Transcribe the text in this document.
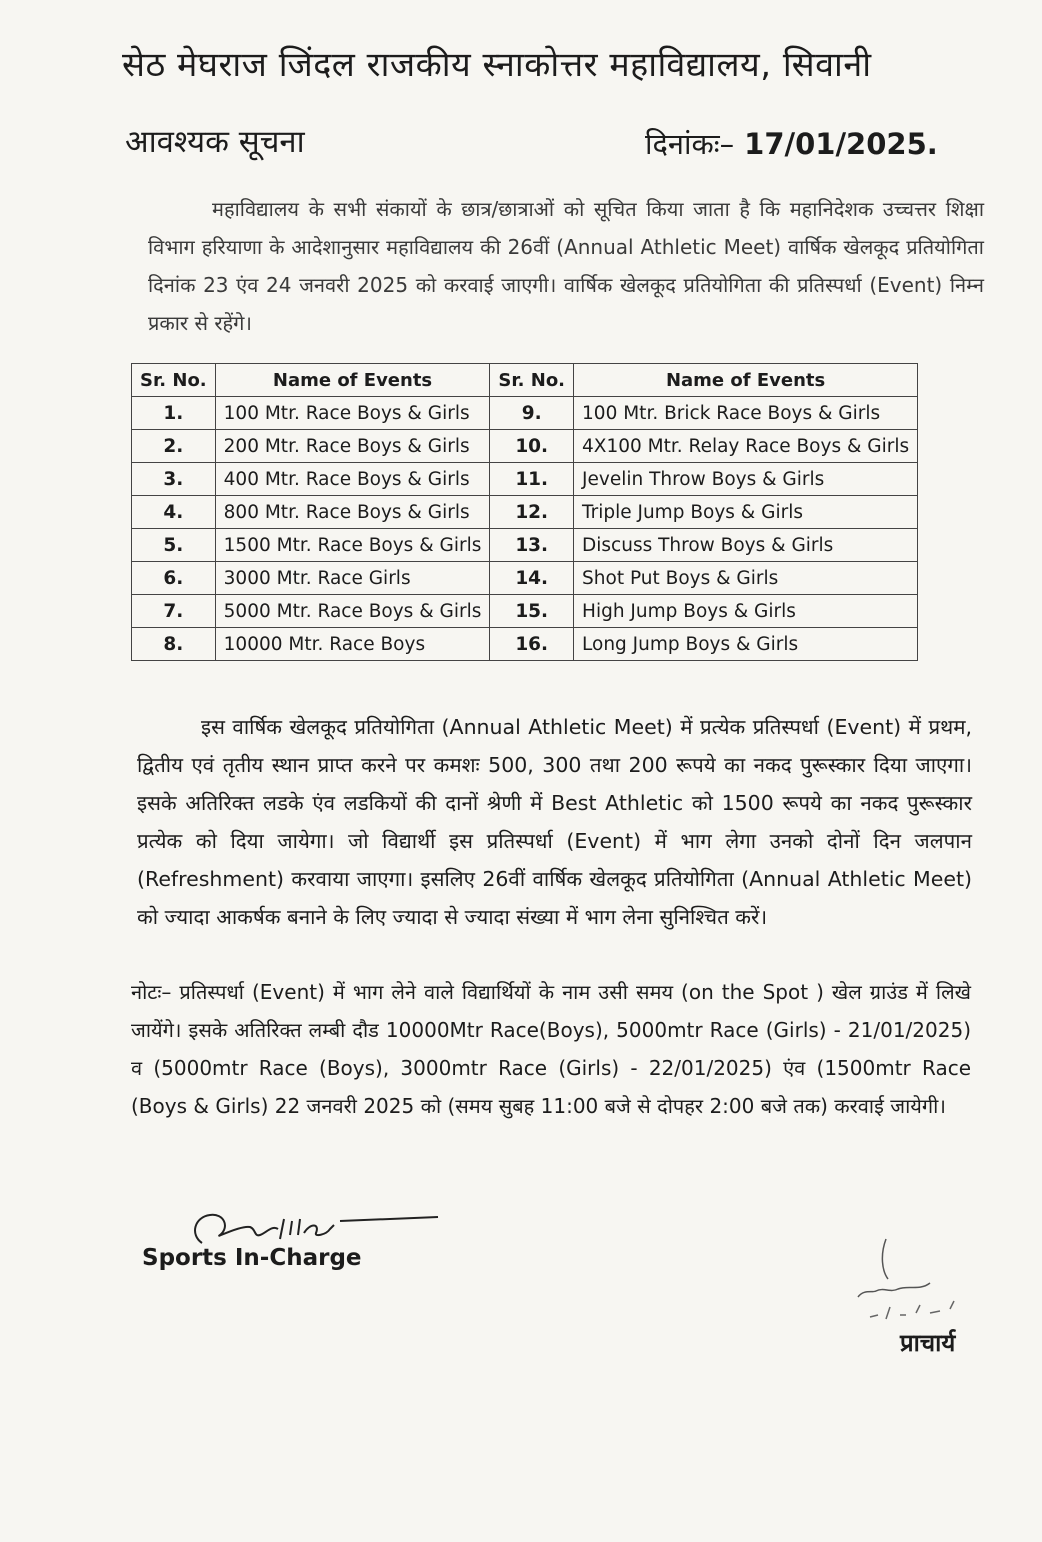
सेठ मेघराज जिंदल राजकीय स्नाकोत्तर महाविद्यालय, सिवानी
आवश्यक सूचना	दिनांकः– 17/01/2025.

महाविद्यालय के सभी संकायों के छात्र/छात्राओं को सूचित किया जाता है कि महानिदेशक उच्चत्तर शिक्षा विभाग हरियाणा के आदेशानुसार महाविद्यालय की 26वीं (Annual Athletic Meet) वार्षिक खेलकूद प्रतियोगिता दिनांक 23 एंव 24 जनवरी 2025 को करवाई जाएगी। वार्षिक खेलकूद प्रतियोगिता की प्रतिस्पर्धा (Event) निम्न प्रकार से रहेंगे।

Sr. No.	Name of Events	Sr. No.	Name of Events
1.	100 Mtr. Race Boys & Girls	9.	100 Mtr. Brick Race Boys & Girls
2.	200 Mtr. Race Boys & Girls	10.	4X100 Mtr. Relay Race Boys & Girls
3.	400 Mtr. Race Boys & Girls	11.	Jevelin Throw Boys & Girls
4.	800 Mtr. Race Boys & Girls	12.	Triple Jump Boys & Girls
5.	1500 Mtr. Race Boys & Girls	13.	Discuss Throw Boys & Girls
6.	3000 Mtr. Race Girls	14.	Shot Put Boys & Girls
7.	5000 Mtr. Race Boys & Girls	15.	High Jump Boys & Girls
8.	10000 Mtr. Race Boys	16.	Long Jump Boys & Girls

इस वार्षिक खेलकूद प्रतियोगिता (Annual Athletic Meet) में प्रत्येक प्रतिस्पर्धा (Event) में प्रथम, द्वितीय एवं तृतीय स्थान प्राप्त करने पर कमशः 500, 300 तथा 200 रूपये का नकद पुरूस्कार दिया जाएगा। इसके अतिरिक्त लडके एंव लडकियों की दानों श्रेणी में Best Athletic को 1500 रूपये का नकद पुरूस्कार प्रत्येक को दिया जायेगा। जो विद्यार्थी इस प्रतिस्पर्धा (Event) में भाग लेगा उनको दोनों दिन जलपान (Refreshment) करवाया जाएगा। इसलिए 26वीं वार्षिक खेलकूद प्रतियोगिता (Annual Athletic Meet) को ज्यादा आकर्षक बनाने के लिए ज्यादा से ज्यादा संख्या में भाग लेना सुनिश्चित करें।

नोटः– प्रतिस्पर्धा (Event) में भाग लेने वाले विद्यार्थियों के नाम उसी समय (on the Spot ) खेल ग्राउंड में लिखे जायेंगे। इसके अतिरिक्त लम्बी दौड 10000Mtr Race(Boys), 5000mtr Race (Girls) - 21/01/2025) व (5000mtr Race (Boys), 3000mtr Race (Girls) - 22/01/2025) एंव (1500mtr Race (Boys & Girls) 22 जनवरी 2025 को (समय सुबह 11:00 बजे से दोपहर 2:00 बजे तक) करवाई जायेगी।

Sports In-Charge
प्राचार्य
